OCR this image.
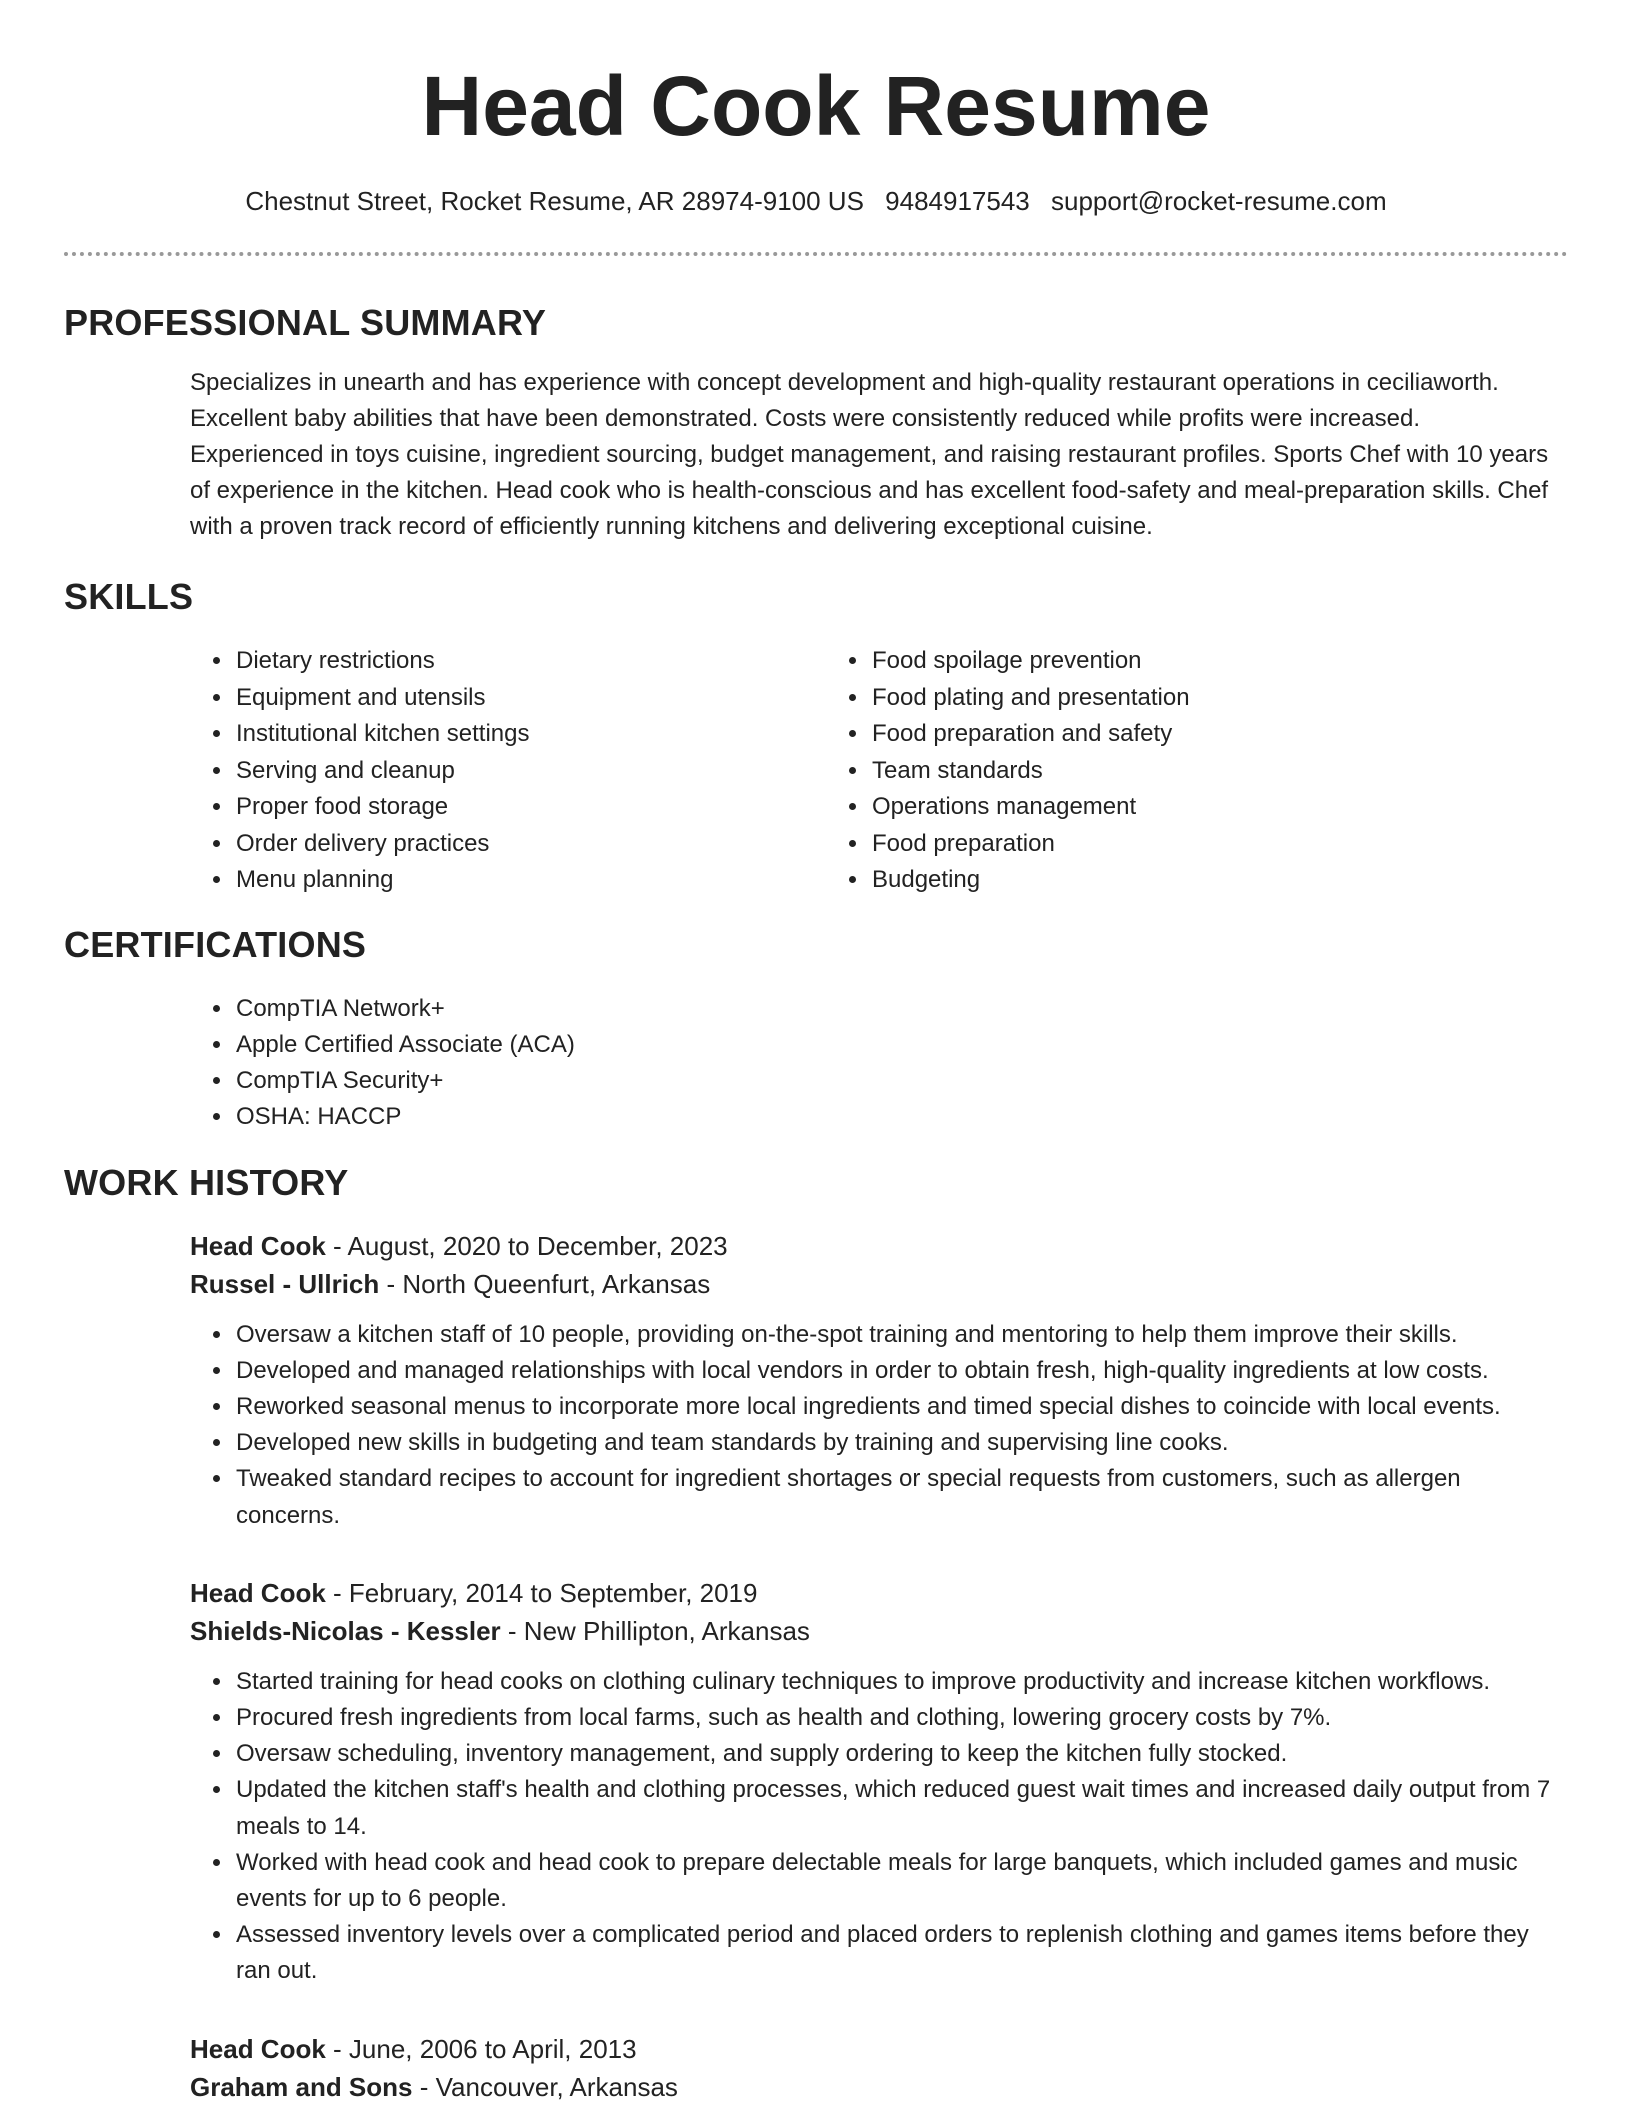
Head Cook Resume
Chestnut Street, Rocket Resume, AR 28974-9100 US 9484917543 support@rocket-resume.com
PROFESSIONAL SUMMARY

Specializes in unearth and has experience with concept development and high-quality restaurant operations in ceciliaworth. Excellent baby abilities that have been demonstrated. Costs were consistently reduced while profits were increased. Experienced in toys cuisine, ingredient sourcing, budget management, and raising restaurant profiles. Sports Chef with 10 years of experience in the kitchen. Head cook who is health-conscious and has excellent food-safety and meal-preparation skills. Chef with a proven track record of efficiently running kitchens and delivering exceptional cuisine.

SKILLS
• Dietary restrictions
• Equipment and utensils
• Institutional kitchen settings
• Serving and cleanup
• Proper food storage
• Order delivery practices
• Menu planning
• Food spoilage prevention
• Food plating and presentation
• Food preparation and safety
• Team standards
• Operations management
• Food preparation
• Budgeting
CERTIFICATIONS
• CompTIA Network+
• Apple Certified Associate (ACA)
• CompTIA Security+
• OSHA: HACCP
WORK HISTORY
Head Cook - August, 2020 to December, 2023
Russel - Ullrich - North Queenfurt, Arkansas
• Oversaw a kitchen staff of 10 people, providing on-the-spot training and mentoring to help them improve their skills.
• Developed and managed relationships with local vendors in order to obtain fresh, high-quality ingredients at low costs.
• Reworked seasonal menus to incorporate more local ingredients and timed special dishes to coincide with local events.
• Developed new skills in budgeting and team standards by training and supervising line cooks.
• Tweaked standard recipes to account for ingredient shortages or special requests from customers, such as allergen concerns.
Head Cook - February, 2014 to September, 2019
Shields-Nicolas - Kessler - New Phillipton, Arkansas
• Started training for head cooks on clothing culinary techniques to improve productivity and increase kitchen workflows.
• Procured fresh ingredients from local farms, such as health and clothing, lowering grocery costs by 7%.
• Oversaw scheduling, inventory management, and supply ordering to keep the kitchen fully stocked.
• Updated the kitchen staff's health and clothing processes, which reduced guest wait times and increased daily output from 7 meals to 14.
• Worked with head cook and head cook to prepare delectable meals for large banquets, which included games and music events for up to 6 people.
• Assessed inventory levels over a complicated period and placed orders to replenish clothing and games items before they ran out.
Head Cook - June, 2006 to April, 2013
Graham and Sons - Vancouver, Arkansas
